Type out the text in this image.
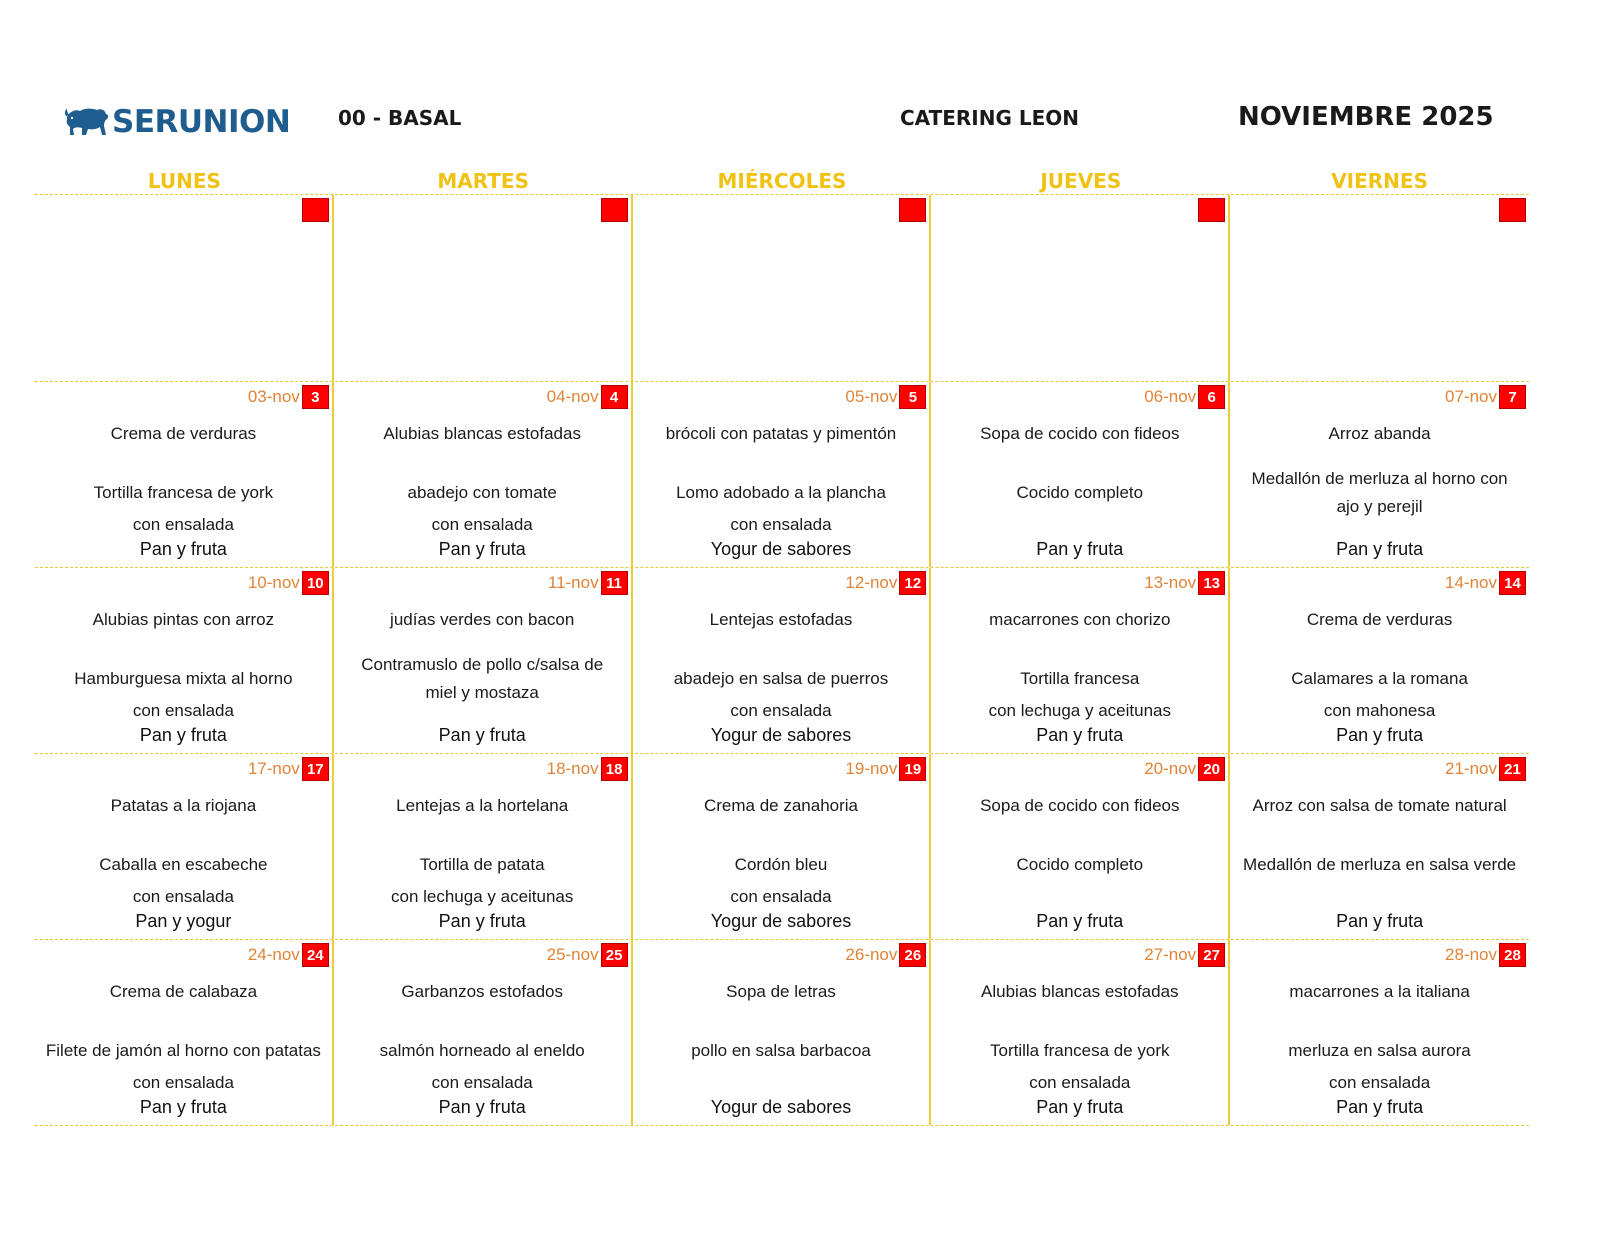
SERUNION 00 - BASAL	CATERING LEON	NOVIEMBRE 2025
LUNES	MARTES	MIÉRCOLES	JUEVES	VIERNES
03-nov 3
Crema de verduras
Tortilla francesa de york
con ensalada
Pan y fruta
04-nov 4
Alubias blancas estofadas
abadejo con tomate
con ensalada
Pan y fruta
05-nov 5
brócoli con patatas y pimentón
Lomo adobado a la plancha
con ensalada
Yogur de sabores
06-nov 6
Sopa de cocido con fideos
Cocido completo
Pan y fruta
07-nov 7
Arroz abanda
Medallón de merluza al horno con ajo y perejil
Pan y fruta
10-nov 10
Alubias pintas con arroz
Hamburguesa mixta al horno
con ensalada
Pan y fruta
11-nov 11
judías verdes con bacon
Contramuslo de pollo c/salsa de miel y mostaza
Pan y fruta
12-nov 12
Lentejas estofadas
abadejo en salsa de puerros
con ensalada
Yogur de sabores
13-nov 13
macarrones con chorizo
Tortilla francesa
con lechuga y aceitunas
Pan y fruta
14-nov 14
Crema de verduras
Calamares a la romana
con mahonesa
Pan y fruta
17-nov 17
Patatas a la riojana
Caballa en escabeche
con ensalada
Pan y yogur
18-nov 18
Lentejas a la hortelana
Tortilla de patata
con lechuga y aceitunas
Pan y fruta
19-nov 19
Crema de zanahoria
Cordón bleu
con ensalada
Yogur de sabores
20-nov 20
Sopa de cocido con fideos
Cocido completo
Pan y fruta
21-nov 21
Arroz con salsa de tomate natural
Medallón de merluza en salsa verde
Pan y fruta
24-nov 24
Crema de calabaza
Filete de jamón al horno con patatas
con ensalada
Pan y fruta
25-nov 25
Garbanzos estofados
salmón horneado al eneldo
con ensalada
Pan y fruta
26-nov 26
Sopa de letras
pollo en salsa barbacoa
Yogur de sabores
27-nov 27
Alubias blancas estofadas
Tortilla francesa de york
con ensalada
Pan y fruta
28-nov 28
macarrones a la italiana
merluza en salsa aurora
con ensalada
Pan y fruta
